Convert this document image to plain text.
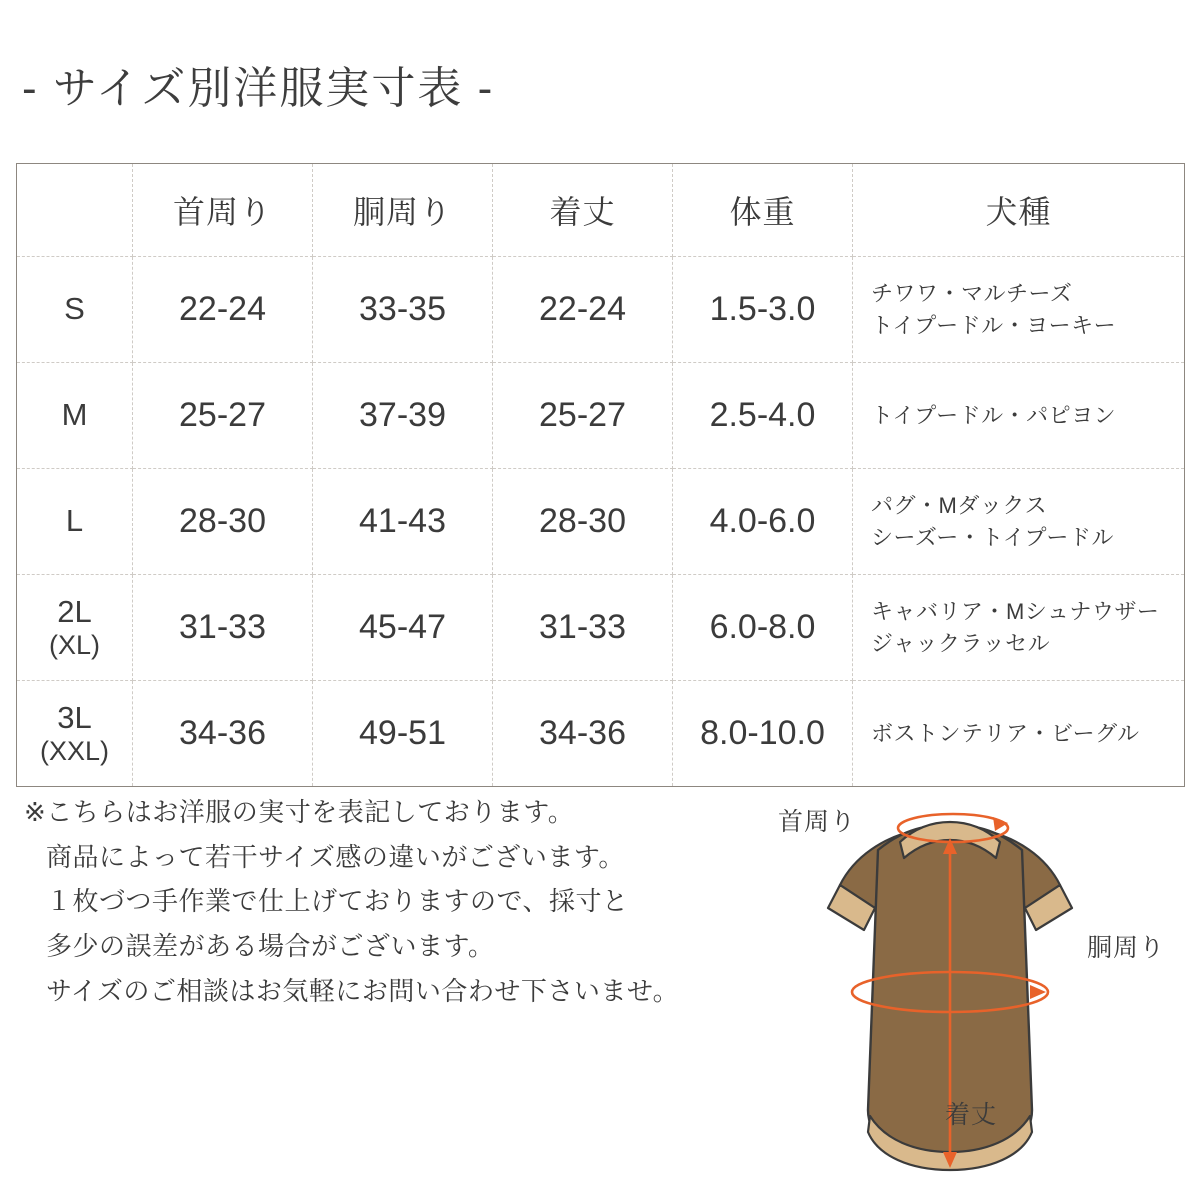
- サイズ別洋服実寸表 -
	首周り	胴周り	着丈	体重	犬種
S	22-24	33-35	22-24	1.5-3.0	チワワ・マルチーズ
トイプードル・ヨーキー
M	25-27	37-39	25-27	2.5-4.0	トイプードル・パピヨン
L	28-30	41-43	28-30	4.0-6.0	パグ・Mダックス
シーズー・トイプードル
2L
(XL)	31-33	45-47	31-33	6.0-8.0	キャバリア・Mシュナウザー
ジャックラッセル
3L
(XXL)	34-36	49-51	34-36	8.0-10.0	ボストンテリア・ビーグル
※こちらはお洋服の実寸を表記しております。
商品によって若干サイズ感の違いがございます。
１枚づつ手作業で仕上げておりますので、採寸と
多少の誤差がある場合がございます。
サイズのご相談はお気軽にお問い合わせ下さいませ。
首周り
胴周り
着丈
